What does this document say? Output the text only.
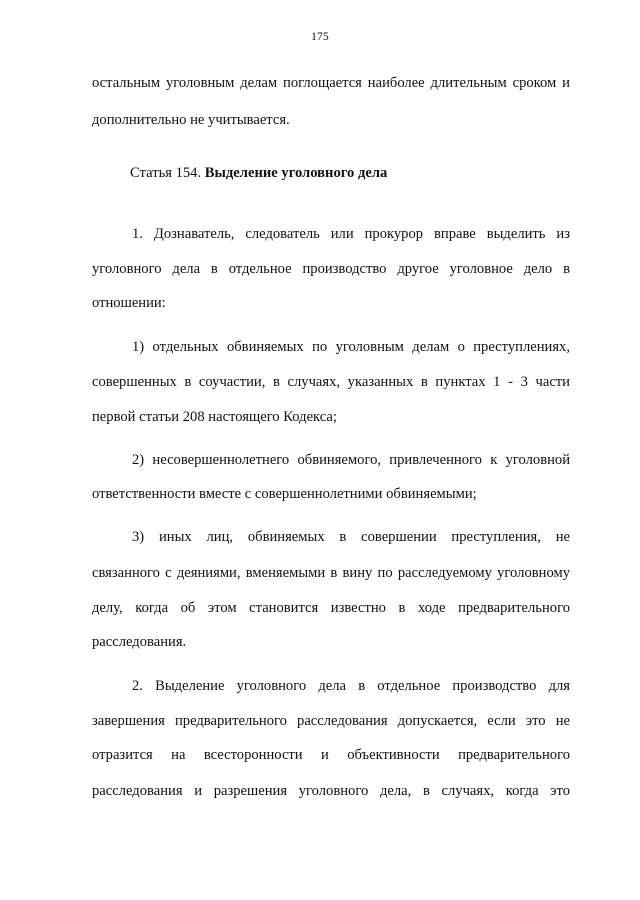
175
остальным уголовным делам поглощается наиболее длительным сроком и
дополнительно не учитывается.
Статья 154. Выделение уголовного дела
1. Дознаватель, следователь или прокурор вправе выделить из
уголовного дела в отдельное производство другое уголовное дело в
отношении:
1) отдельных обвиняемых по уголовным делам о преступлениях,
совершенных в соучастии, в случаях, указанных в пунктах 1 - 3 части
первой статьи 208 настоящего Кодекса;
2) несовершеннолетнего обвиняемого, привлеченного к уголовной
ответственности вместе с совершеннолетними обвиняемыми;
3) иных лиц, обвиняемых в совершении преступления, не
связанного с деяниями, вменяемыми в вину по расследуемому уголовному
делу, когда об этом становится известно в ходе предварительного
расследования.
2. Выделение уголовного дела в отдельное производство для
завершения предварительного расследования допускается, если это не
отразится на всесторонности и объективности предварительного
расследования и разрешения уголовного дела, в случаях, когда это
